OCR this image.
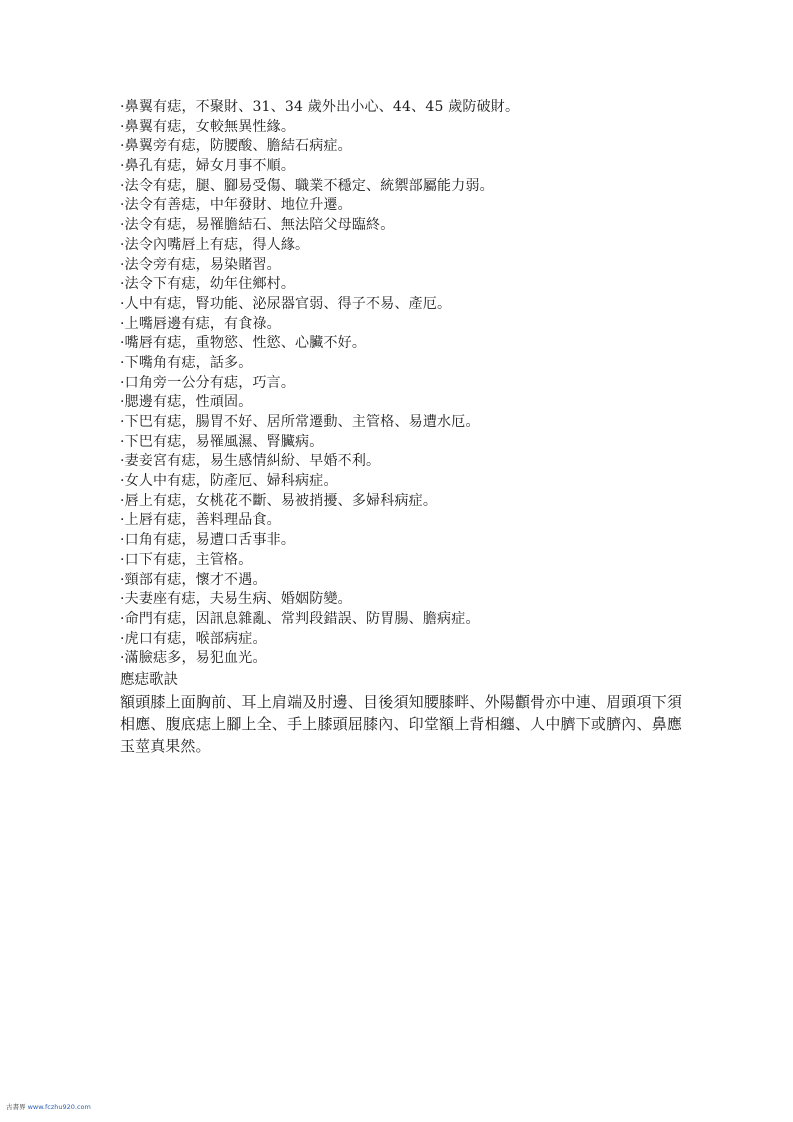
·鼻翼有痣，不聚財、31、34 歲外出小心、44、45 歲防破財。
·鼻翼有痣，女較無異性緣。
·鼻翼旁有痣，防腰酸、膽結石病症。
·鼻孔有痣，婦女月事不順。
·法令有痣，腿、腳易受傷、職業不穩定、統禦部屬能力弱。
·法令有善痣，中年發財、地位升遷。
·法令有痣，易罹膽結石、無法陪父母臨終。
·法令內嘴唇上有痣，得人緣。
·法令旁有痣，易染賭習。
·法令下有痣，幼年住鄉村。
·人中有痣，腎功能、泌尿器官弱、得子不易、產厄。
·上嘴唇邊有痣，有食祿。
·嘴唇有痣，重物慾、性慾、心臟不好。
·下嘴角有痣，話多。
·口角旁一公分有痣，巧言。
·腮邊有痣，性頑固。
·下巴有痣，腸胃不好、居所常遷動、主管格、易遭水厄。
·下巴有痣，易罹風濕、腎臟病。
·妻妾宮有痣，易生感情糾紛、早婚不利。
·女人中有痣，防產厄、婦科病症。
·唇上有痣，女桃花不斷、易被捎擾、多婦科病症。
·上唇有痣，善料理品食。
·口角有痣，易遭口舌事非。
·口下有痣，主管格。
·頸部有痣，懷才不遇。
·夫妻座有痣，夫易生病、婚姻防變。
·命門有痣，因訊息雜亂、常判段錯誤、防胃腸、膽病症。
·虎口有痣，喉部病症。
·滿臉痣多，易犯血光。
應痣歌訣
額頭膝上面胸前、耳上肩端及肘邊、目後須知腰膝畔、外陽顴骨亦中連、眉頭項下須相應、腹底痣上腳上全、手上膝頭屈膝內、印堂額上背相纏、人中臍下或臍內、鼻應玉莖真果然。
古書界 www.fczhu920.com
